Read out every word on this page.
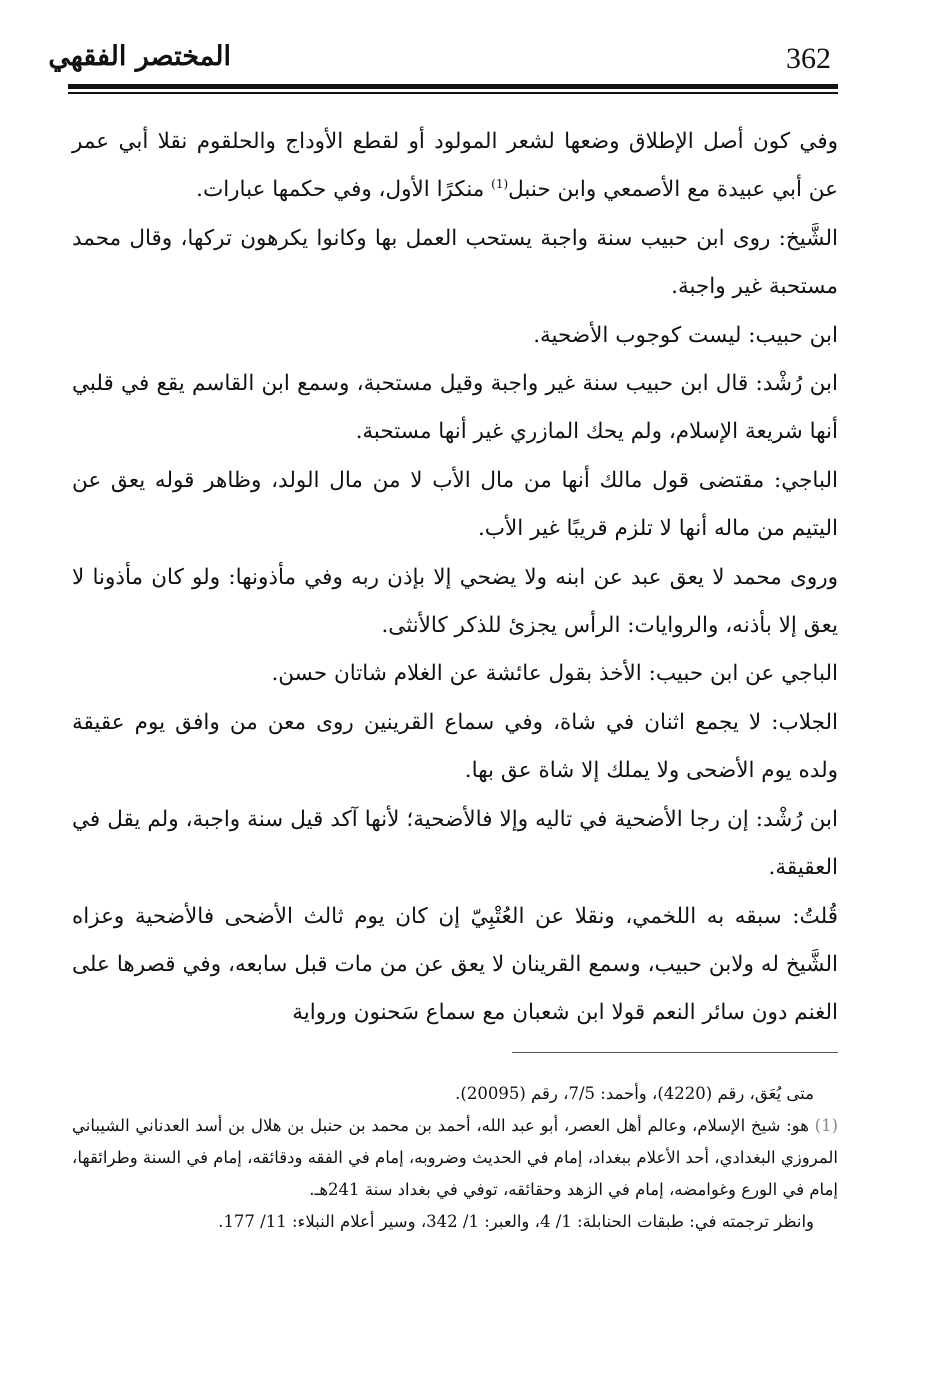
362
المختصر الفقهي

وفي كون أصل الإطلاق وضعها لشعر المولود أو لقطع الأوداج والحلقوم نقلا أبي عمر عن أبي عبيدة مع الأصمعي وابن حنبل$^{(1)}$ منكرًا الأول، وفي حكمها عبارات.

الشَّيخ: روى ابن حبيب سنة واجبة يستحب العمل بها وكانوا يكرهون تركها، وقال محمد مستحبة غير واجبة.

ابن حبيب: ليست كوجوب الأضحية.

ابن رُشْد: قال ابن حبيب سنة غير واجبة وقيل مستحبة، وسمع ابن القاسم يقع في قلبي أنها شريعة الإسلام، ولم يحك المازري غير أنها مستحبة.

الباجي: مقتضى قول مالك أنها من مال الأب لا من مال الولد، وظاهر قوله يعق عن اليتيم من ماله أنها لا تلزم قريبًا غير الأب.

وروى محمد لا يعق عبد عن ابنه ولا يضحي إلا بإذن ربه وفي مأذونها: ولو كان مأذونا لا يعق إلا بأذنه، والروايات: الرأس يجزئ للذكر كالأنثى.

الباجي عن ابن حبيب: الأخذ بقول عائشة عن الغلام شاتان حسن.

الجلاب: لا يجمع اثنان في شاة، وفي سماع القرينين روى معن من وافق يوم عقيقة ولده يوم الأضحى ولا يملك إلا شاة عق بها.

ابن رُشْد: إن رجا الأضحية في تاليه وإلا فالأضحية؛ لأنها آكد قيل سنة واجبة، ولم يقل في العقيقة.

قُلتُ: سبقه به اللخمي، ونقلا عن العُتْبِيّ إن كان يوم ثالث الأضحى فالأضحية وعزاه الشَّيخ له ولابن حبيب، وسمع القرينان لا يعق عن من مات قبل سابعه، وفي قصرها على الغنم دون سائر النعم قولا ابن شعبان مع سماع سَحنون ورواية

متى يُعَق، رقم (4220)، وأحمد: 7/5، رقم (20095).

(1) هو: شيخ الإسلام، وعالم أهل العصر، أبو عبد الله، أحمد بن محمد بن حنبل بن هلال بن أسد العدناني الشيباني المروزي البغدادي، أحد الأعلام ببغداد، إمام في الحديث وضروبه، إمام في الفقه ودقائقه، إمام في السنة وطرائقها، إمام في الورع وغوامضه، إمام في الزهد وحقائقه، توفي في بغداد سنة 241هـ.

وانظر ترجمته في: طبقات الحنابلة: 1/ 4، والعبر: 1/ 342، وسير أعلام النبلاء: 11/ 177.
